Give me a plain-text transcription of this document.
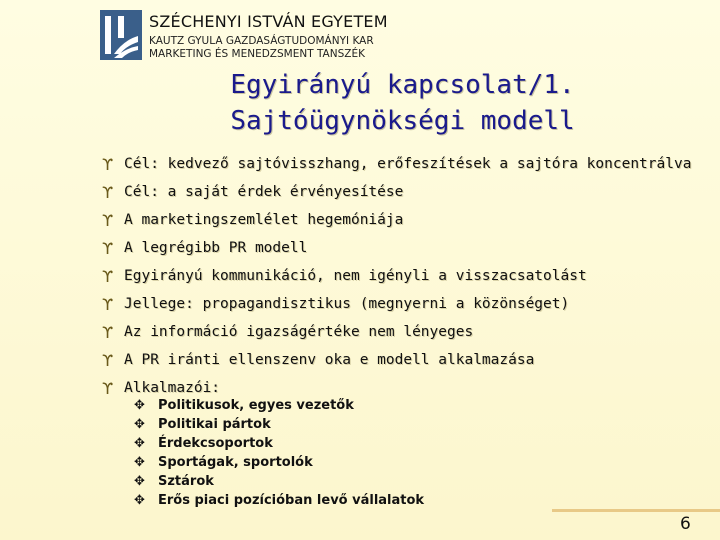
SZÉCHENYI ISTVÁN EGYETEM
KAUTZ GYULA GAZDASÁGTUDOMÁNYI KAR
MARKETING ÉS MENEDZSMENT TANSZÉK
Egyirányú kapcsolat/1.
Sajtóügynökségi modell
ϒ Cél: kedvező sajtóvisszhang, erőfeszítések a sajtóra koncentrálva
ϒ Cél: a saját érdek érvényesítése
ϒ A marketingszemlélet hegemóniája
ϒ A legrégibb PR modell
ϒ Egyirányú kommunikáció, nem igényli a visszacsatolást
ϒ Jellege: propagandisztikus (megnyerni a közönséget)
ϒ Az információ igazságértéke nem lényeges
ϒ A PR iránti ellenszenv oka e modell alkalmazása
ϒ Alkalmazói:
✥	Politikusok, egyes vezetők
✥	Politikai pártok
✥	Érdekcsoportok
✥	Sportágak, sportolók
✥	Sztárok
✥	Erős piaci pozícióban levő vállalatok
6
